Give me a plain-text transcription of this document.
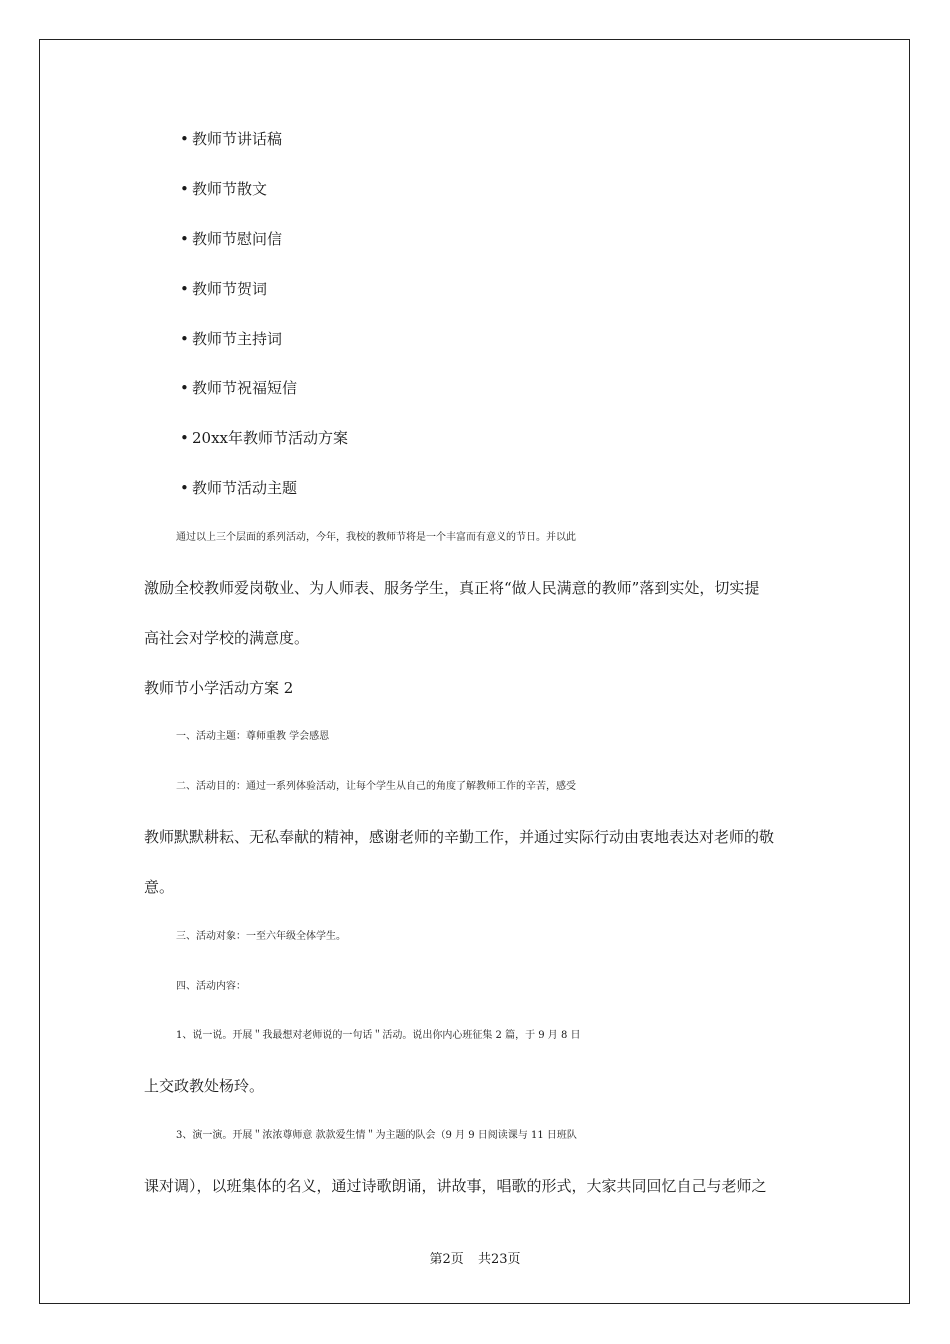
• 教师节讲话稿
• 教师节散文
• 教师节慰问信
• 教师节贺词
• 教师节主持词
• 教师节祝福短信
• 20xx年教师节活动方案
• 教师节活动主题
通过以上三个层面的系列活动，今年，我校的教师节将是一个丰富而有意义的节日。并以此
激励全校教师爱岗敬业、为人师表、服务学生，真正将“做人民满意的教师”落到实处，切实提
高社会对学校的满意度。
教师节小学活动方案 2
一、活动主题：尊师重教 学会感恩
二、活动目的：通过一系列体验活动，让每个学生从自己的角度了解教师工作的辛苦，感受
教师默默耕耘、无私奉献的精神，感谢老师的辛勤工作，并通过实际行动由衷地表达对老师的敬
意。
三、活动对象：一至六年级全体学生。
四、活动内容：
1、说一说。开展＂我最想对老师说的一句话＂活动。说出你内心班征集 2 篇，于 9 月 8 日
上交政教处杨玲。
3、演一演。开展＂浓浓尊师意 款款爱生情＂为主题的队会（9 月 9 日阅读课与 11 日班队
课对调），以班集体的名义，通过诗歌朗诵，讲故事，唱歌的形式，大家共同回忆自己与老师之
第2页 共23页
